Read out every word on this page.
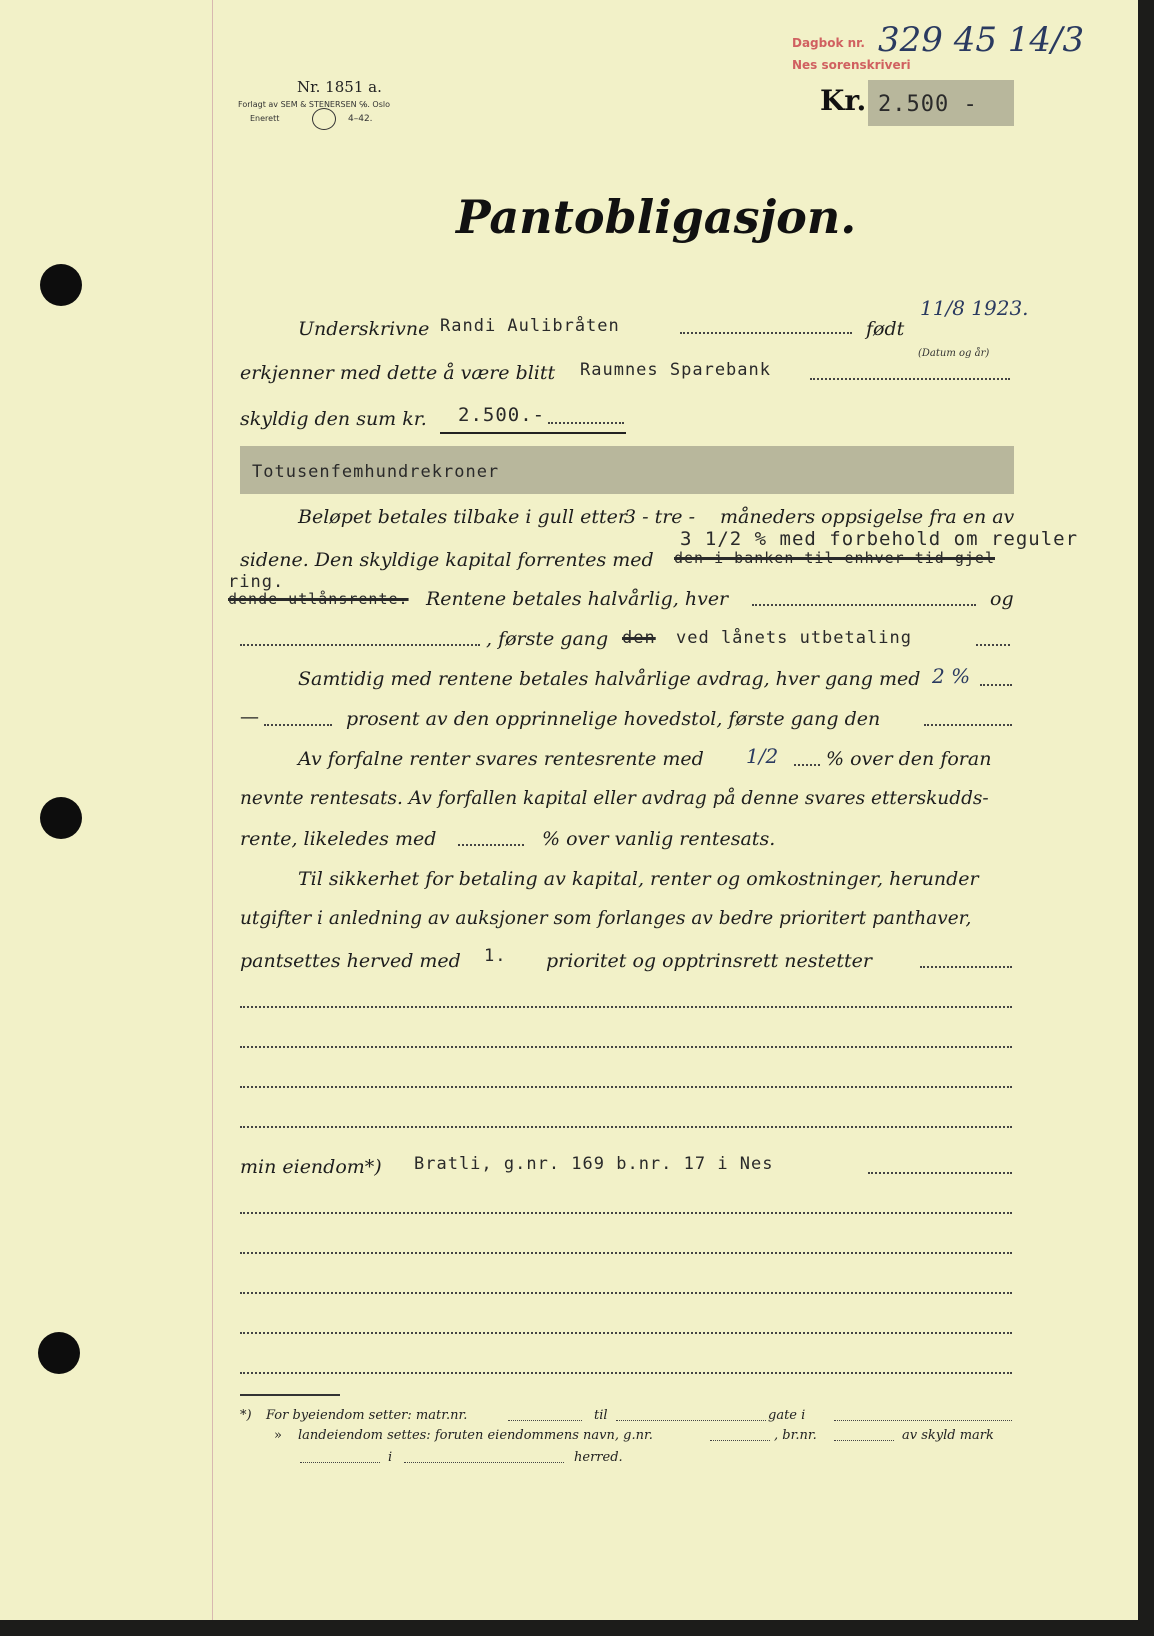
Nr. 1851 a.
Forlagt av SEM & STENERSEN ℅. Oslo
Enerett	4–42.
Dagbok nr.
Nes sorenskriveri
329 45 14/3
Kr. 2.500 -
Pantobligasjon.
Underskrivne Randi Aulibråten	født
11/8 1923.
(Datum og år)
erkjenner med dette å være blitt Raumnes Sparebank
skyldig den sum kr. 2.500.-
Totusenfemhundrekroner
Beløpet betales tilbake i gull etter
3 - tre - måneders oppsigelse fra en av
3 1/2 % med forbehold om reguler
sidene. Den skyldige kapital forrentes med den i banken til enhver tid gjel
ring.
dende utlånsrente. Rentene betales halvårlig, hver	og
, første gang den ved lånets utbetaling
Samtidig med rentene betales halvårlige avdrag, hver gang med 2 %
—	prosent av den opprinnelige hovedstol, første gang den
Av forfalne renter svares rentesrente med 1/2	% over den foran
nevnte rentesats. Av forfallen kapital eller avdrag på denne svares etterskudds-
rente, likeledes med	% over vanlig rentesats.
Til sikkerhet for betaling av kapital, renter og omkostninger, herunder
utgifter i anledning av auksjoner som forlanges av bedre prioritert panthaver,
pantsettes herved med 1. prioritet og opptrinsrett nestetter
min eiendom*) Bratli, g.nr. 169 b.nr. 17 i Nes
*) For byeiendom setter: matr.nr.	til	gate i
» landeiendom settes: foruten eiendommens navn, g.nr.	, br.nr.	av skyld mark
i	herred.
